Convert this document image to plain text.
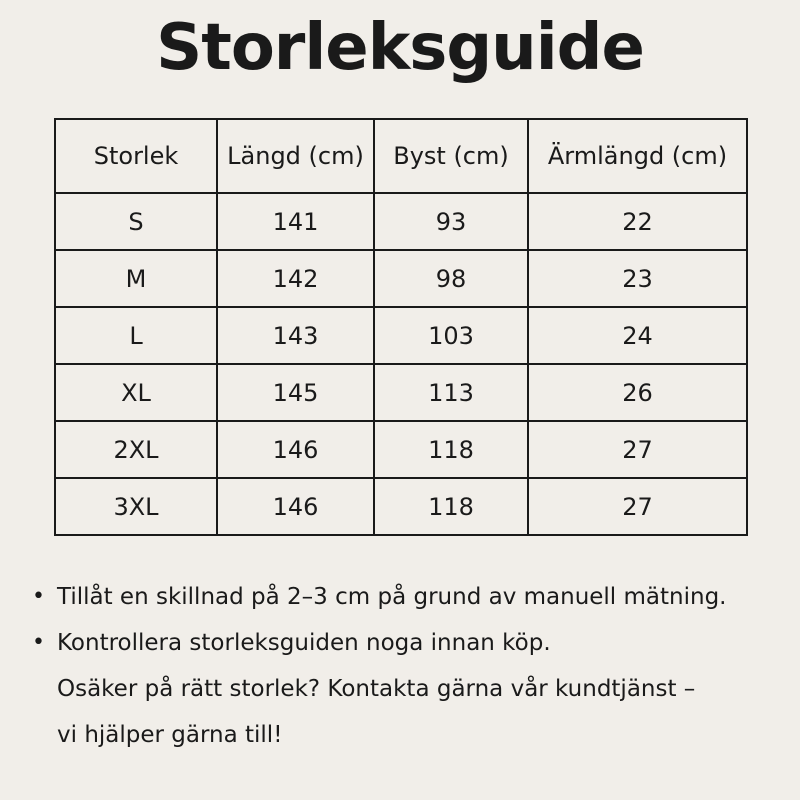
Storleksguide
Storlek	Längd (cm)	Byst (cm)	Ärmlängd (cm)
S	141	93	22
M	142	98	23
L	143	103	24
XL	145	113	26
2XL	146	118	27
3XL	146	118	27
• Tillåt en skillnad på 2–3 cm på grund av manuell mätning.
• Kontrollera storleksguiden noga innan köp.
Osäker på rätt storlek? Kontakta gärna vår kundtjänst –
vi hjälper gärna till!
